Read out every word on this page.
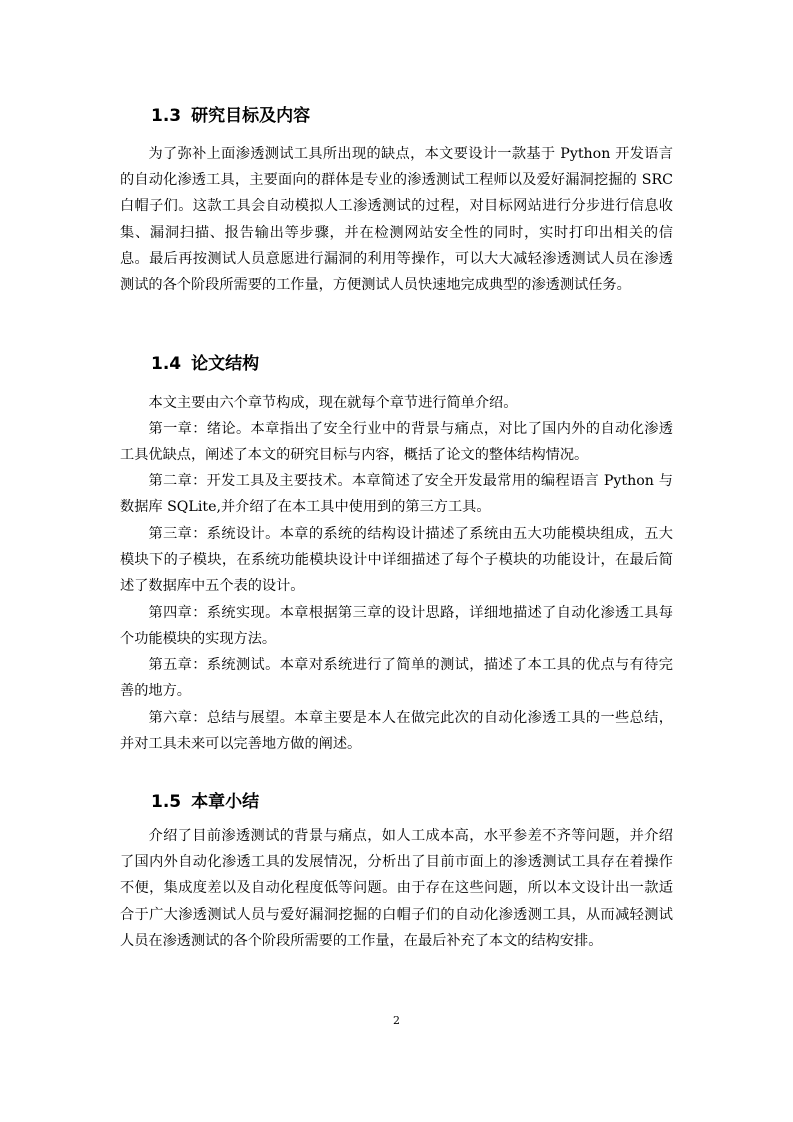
1.3 研究目标及内容

为了弥补上面渗透测试工具所出现的缺点，本文要设计一款基于 Python 开发语言的自动化渗透工具，主要面向的群体是专业的渗透测试工程师以及爱好漏洞挖掘的 SRC 白帽子们。这款工具会自动模拟人工渗透测试的过程，对目标网站进行分步进行信息收集、漏洞扫描、报告输出等步骤，并在检测网站安全性的同时，实时打印出相关的信息。最后再按测试人员意愿进行漏洞的利用等操作，可以大大减轻渗透测试人员在渗透测试的各个阶段所需要的工作量，方便测试人员快速地完成典型的渗透测试任务。

1.4 论文结构

本文主要由六个章节构成，现在就每个章节进行简单介绍。

第一章：绪论。本章指出了安全行业中的背景与痛点，对比了国内外的自动化渗透工具优缺点，阐述了本文的研究目标与内容，概括了论文的整体结构情况。

第二章：开发工具及主要技术。本章简述了安全开发最常用的编程语言 Python 与数据库 SQLite,并介绍了在本工具中使用到的第三方工具。

第三章：系统设计。本章的系统的结构设计描述了系统由五大功能模块组成，五大模块下的子模块，在系统功能模块设计中详细描述了每个子模块的功能设计，在最后简述了数据库中五个表的设计。

第四章：系统实现。本章根据第三章的设计思路，详细地描述了自动化渗透工具每个功能模块的实现方法。

第五章：系统测试。本章对系统进行了简单的测试，描述了本工具的优点与有待完善的地方。

第六章：总结与展望。本章主要是本人在做完此次的自动化渗透工具的一些总结，并对工具未来可以完善地方做的阐述。

1.5 本章小结

介绍了目前渗透测试的背景与痛点，如人工成本高，水平参差不齐等问题，并介绍了国内外自动化渗透工具的发展情况，分析出了目前市面上的渗透测试工具存在着操作不便，集成度差以及自动化程度低等问题。由于存在这些问题，所以本文设计出一款适合于广大渗透测试人员与爱好漏洞挖掘的白帽子们的自动化渗透测工具，从而减轻测试人员在渗透测试的各个阶段所需要的工作量，在最后补充了本文的结构安排。

2
